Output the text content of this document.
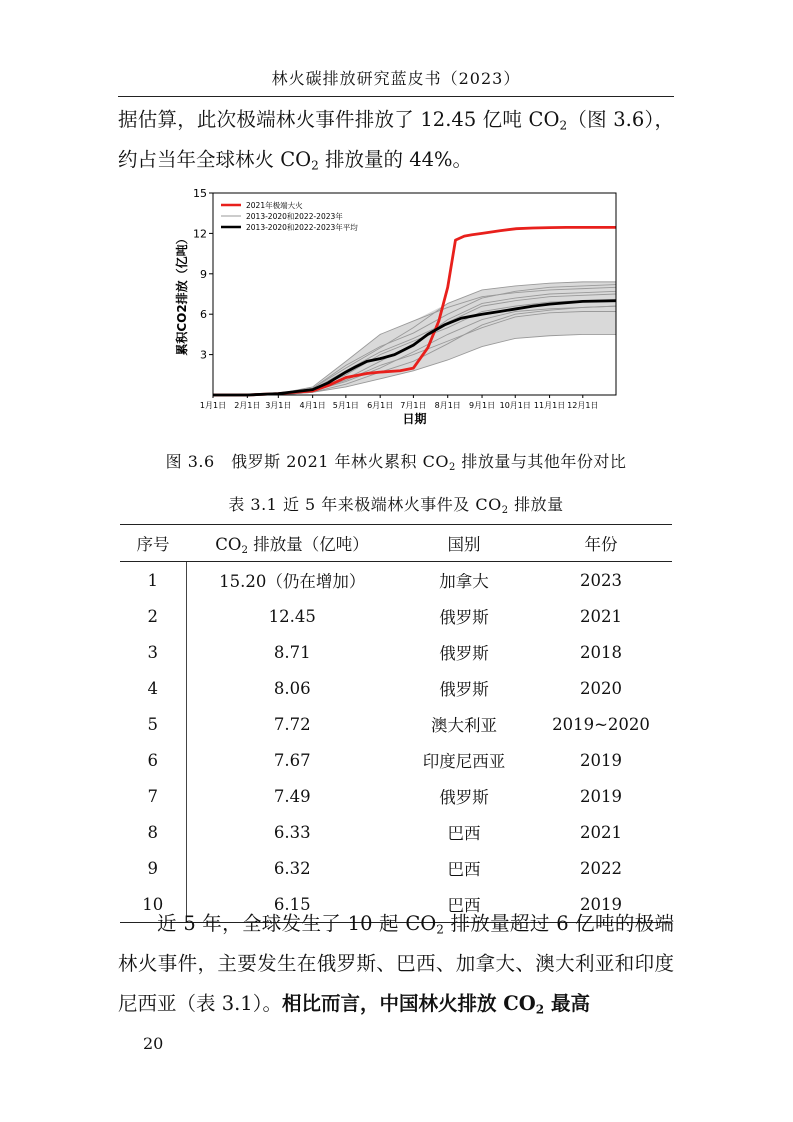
林火碳排放研究蓝皮书（2023）
据估算，此次极端林火事件排放了 12.45 亿吨 $CO_2$（图 3.6），约占当年全球林火 $CO_2$ 排放量的 44%。
3
6
9
12
15
1月1日 2月1日 3月1日 4月1日 5月1日 6月1日 7月1日 8月1日 9月1日 10月1日 11月1日 12月1日
日期
累积CO2排放（亿吨）
2021年极端大火
2013-2020和2022-2023年
2013-2020和2022-2023年平均
图 3.6　俄罗斯 2021 年林火累积 $CO_2$ 排放量与其他年份对比
表 3.1 近 5 年来极端林火事件及 $CO_2$ 排放量
序号	$CO_2$ 排放量（亿吨）	国别	年份
1	15.20（仍在增加）	加拿大	2023
2	12.45	俄罗斯	2021
3	8.71	俄罗斯	2018
4	8.06	俄罗斯	2020
5	7.72	澳大利亚	2019~2020
6	7.67	印度尼西亚	2019
7	7.49	俄罗斯	2019
8	6.33	巴西	2021
9	6.32	巴西	2022
10	6.15	巴西	2019
近 5 年，全球发生了 10 起 $CO_2$ 排放量超过 6 亿吨的极端林火事件，主要发生在俄罗斯、巴西、加拿大、澳大利亚和印度尼西亚（表 3.1）。相比而言，中国林火排放 $CO_2$ 最高
20
